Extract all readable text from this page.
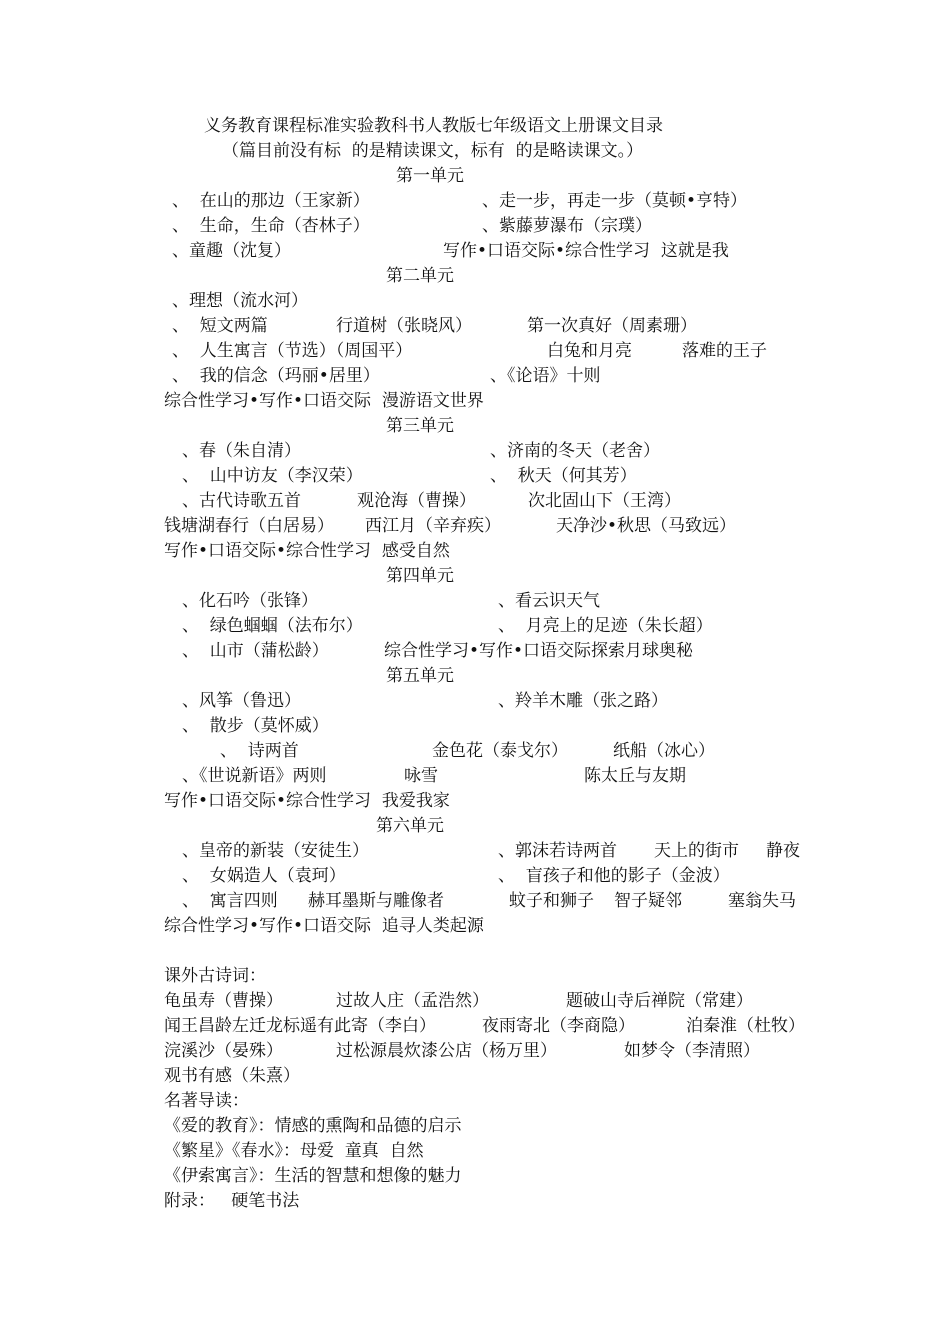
义务教育课程标准实验教科书人教版七年级语文上册课文目录
（篇目前没有标  的是精读课文，标有  的是略读课文。）
第一单元
、  在山的那边（王家新）	、走一步，再走一步（莫顿•亨特）
、  生命，生命（杏林子）	、紫藤萝瀑布（宗璞）
、童趣（沈复）	写作•口语交际•综合性学习  这就是我
第二单元
、理想（流水河）
、  短文两篇	行道树（张晓风）	第一次真好（周素珊）
、  人生寓言（节选）（周国平）	白兔和月亮	落难的王子
、  我的信念（玛丽•居里）	、《论语》十则
综合性学习•写作•口语交际  漫游语文世界
第三单元
、春（朱自清）	、济南的冬天（老舍）
、  山中访友（李汉荣）	、  秋天（何其芳）
、古代诗歌五首	观沧海（曹操）	次北固山下（王湾）
钱塘湖春行（白居易） 西江月（辛弃疾）	天净沙•秋思（马致远）
写作•口语交际•综合性学习  感受自然
第四单元
、化石吟（张锋）	、看云识天气
、  绿色蝈蝈（法布尔）	、  月亮上的足迹（朱长超）
、  山市（蒲松龄）	综合性学习•写作•口语交际探索月球奥秘
第五单元
、风筝（鲁迅）	、羚羊木雕（张之路）
、  散步（莫怀威）
、  诗两首	金色花（泰戈尔）	纸船（冰心）
、《世说新语》两则	咏雪	陈太丘与友期
写作•口语交际•综合性学习  我爱我家
第六单元
、皇帝的新装（安徒生）	、郭沫若诗两首 天上的街市 静夜
、  女娲造人（袁珂）	、  盲孩子和他的影子（金波）
、  寓言四则 赫耳墨斯与雕像者	蚊子和狮子 智子疑邻	塞翁失马
综合性学习•写作•口语交际  追寻人类起源
课外古诗词：
龟虽寿（曹操）	过故人庄（孟浩然）	题破山寺后禅院（常建）
闻王昌龄左迁龙标遥有此寄（李白）	夜雨寄北（李商隐）	泊秦淮（杜牧）
浣溪沙（晏殊）	过松源晨炊漆公店（杨万里）	如梦令（李清照）
观书有感（朱熹）
名著导读：
《爱的教育》：情感的熏陶和品德的启示
《繁星》《春水》：母爱  童真  自然
《伊索寓言》：生活的智慧和想像的魅力
附录：   硬笔书法
